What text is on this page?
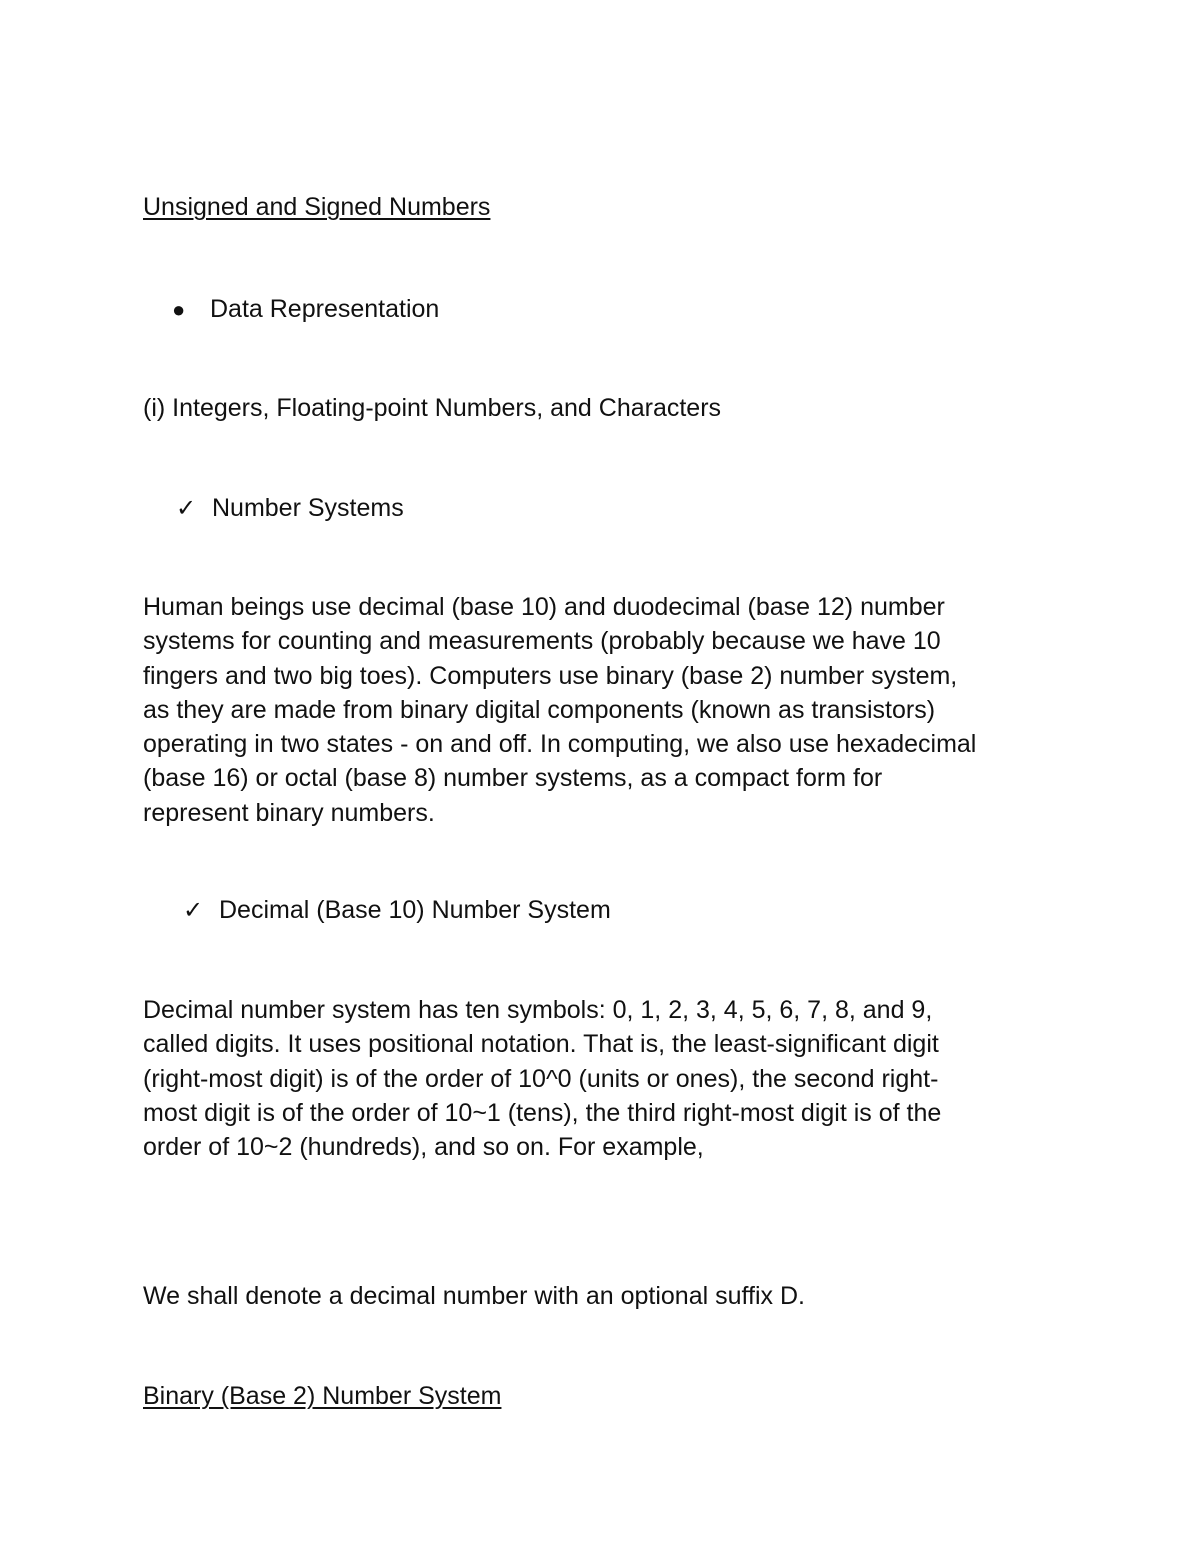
Unsigned and Signed Numbers

● Data Representation

(i) Integers, Floating-point Numbers, and Characters

✓ Number Systems

Human beings use decimal (base 10) and duodecimal (base 12) number
systems for counting and measurements (probably because we have 10
fingers and two big toes). Computers use binary (base 2) number system,
as they are made from binary digital components (known as transistors)
operating in two states - on and off. In computing, we also use hexadecimal
(base 16) or octal (base 8) number systems, as a compact form for
represent binary numbers.

✓ Decimal (Base 10) Number System

Decimal number system has ten symbols: 0, 1, 2, 3, 4, 5, 6, 7, 8, and 9,
called digits. It uses positional notation. That is, the least-significant digit
(right-most digit) is of the order of 10^0 (units or ones), the second right-
most digit is of the order of 10~1 (tens), the third right-most digit is of the
order of 10~2 (hundreds), and so on. For example,

We shall denote a decimal number with an optional suffix D.

Binary (Base 2) Number System
